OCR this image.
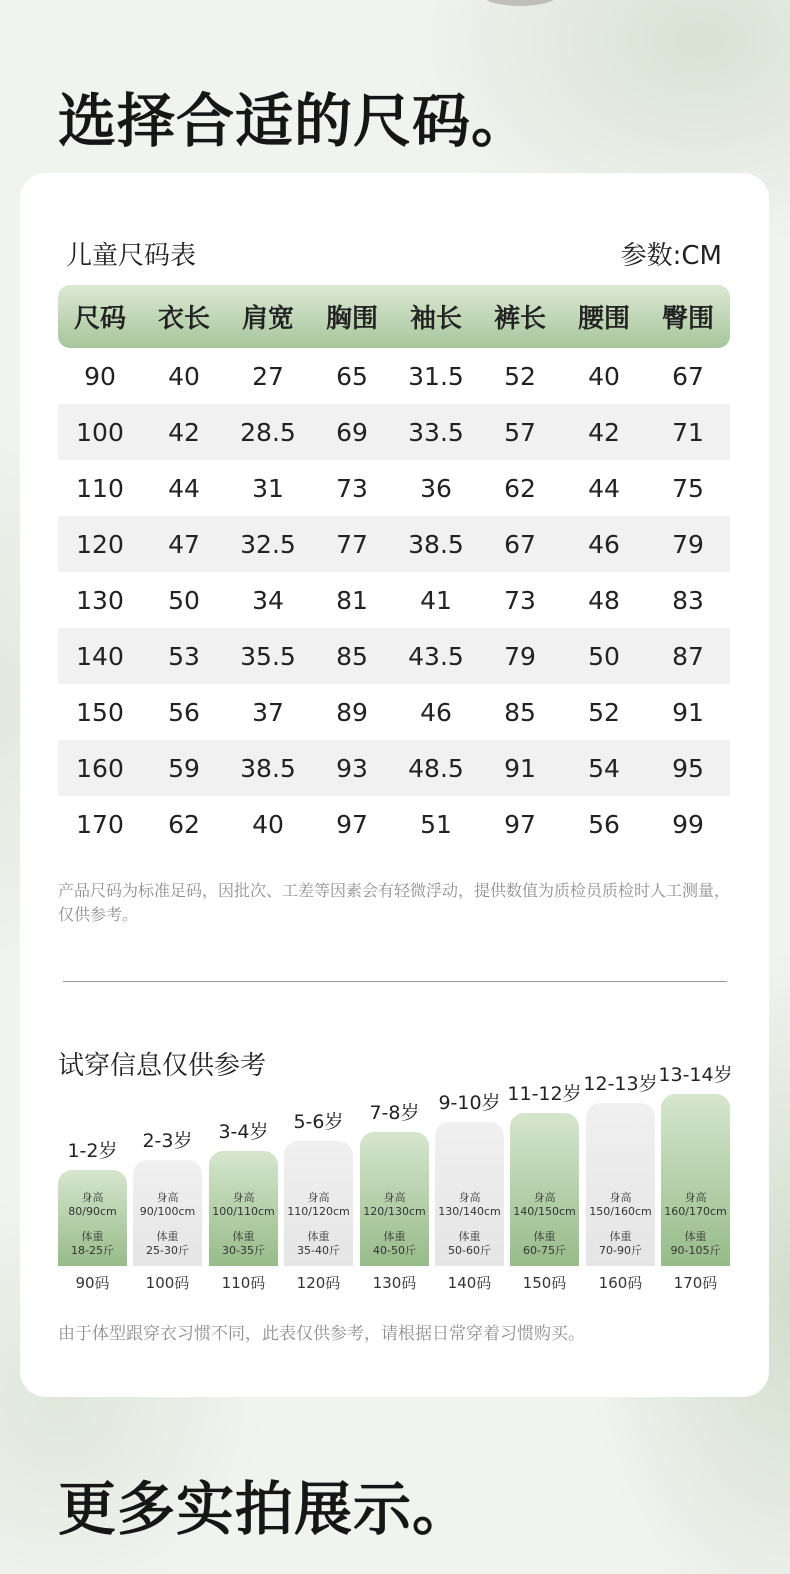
选择合适的尺码。
儿童尺码表	参数:CM
尺码	衣长	肩宽	胸围	袖长	裤长	腰围	臀围
90	40	27	65	31.5	52	40	67
100	42	28.5	69	33.5	57	42	71
110	44	31	73	36	62	44	75
120	47	32.5	77	38.5	67	46	79
130	50	34	81	41	73	48	83
140	53	35.5	85	43.5	79	50	87
150	56	37	89	46	85	52	91
160	59	38.5	93	48.5	91	54	95
170	62	40	97	51	97	56	99
产品尺码为标准足码，因批次、工差等因素会有轻微浮动，提供数值为质检员质检时人工测量，仅供参考。
试穿信息仅供参考
1-2岁
身高
80/90cm
体重
18-25斤
90码
2-3岁
身高
90/100cm
体重
25-30斤
100码
3-4岁
身高
100/110cm
体重
30-35斤
110码
5-6岁
身高
110/120cm
体重
35-40斤
120码
7-8岁
身高
120/130cm
体重
40-50斤
130码
9-10岁
身高
130/140cm
体重
50-60斤
140码
11-12岁
身高
140/150cm
体重
60-75斤
150码
12-13岁
身高
150/160cm
体重
70-90斤
160码
13-14岁
身高
160/170cm
体重
90-105斤
170码
由于体型跟穿衣习惯不同，此表仅供参考，请根据日常穿着习惯购买。
更多实拍展示。
